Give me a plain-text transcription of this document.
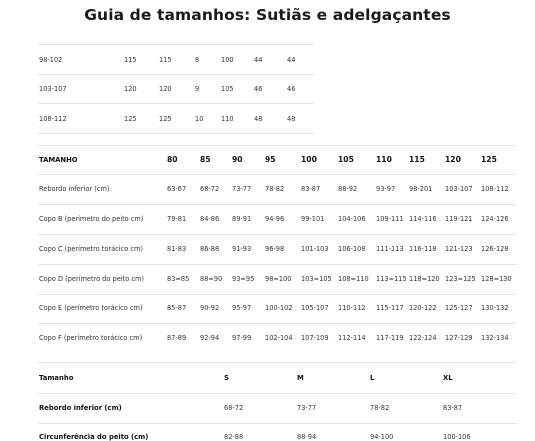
Guia de tamanhos: Sutiãs e adelgaçantes
98-102	115	115	8	100	44	44
103-107	120	120	9	105	46	46
108-112	125	125	10	110	48	48
TAMANHO	80	85	90	95	100	105	110 115	120	125
Rebordo inferior (cm)	63-67 68-72 73-77 78-82	83-87	88-92	93-97 98-201 103-107 108-112
Copo B (perímetro do peito cm)	79-81 84-86 89-91 94-96	99-101 104-106 109-111 114-116 119-121 124-126
Copo C (perímetro torácico cm)	81-83 86-88 91-93 96-98	101-103 106-108 111-113 116-118 121-123 126-128
Copo D (perímetro do peito cm)	83≈85 88≈90 93≈95 98≈100 103≈105 108≈110 113≈115 118≈120 123≈125 128≈130
Copo E (perímetro torácico cm)	85-87 90-92 95-97 100-102 105-107 110-112 115-117 120-122 125-127 130-132
Copo F (perímetro torácico cm)	87-89 92-94 97-99 102-104 107-109 112-114 117-119 122-124 127-129 132-134
Tamanho	S	M	L	XL
Rebordo inferior (cm)	68-72	73-77	78-82	83-87
Circunferência do peito (cm)	82-88	88-94	94-100	100-106
